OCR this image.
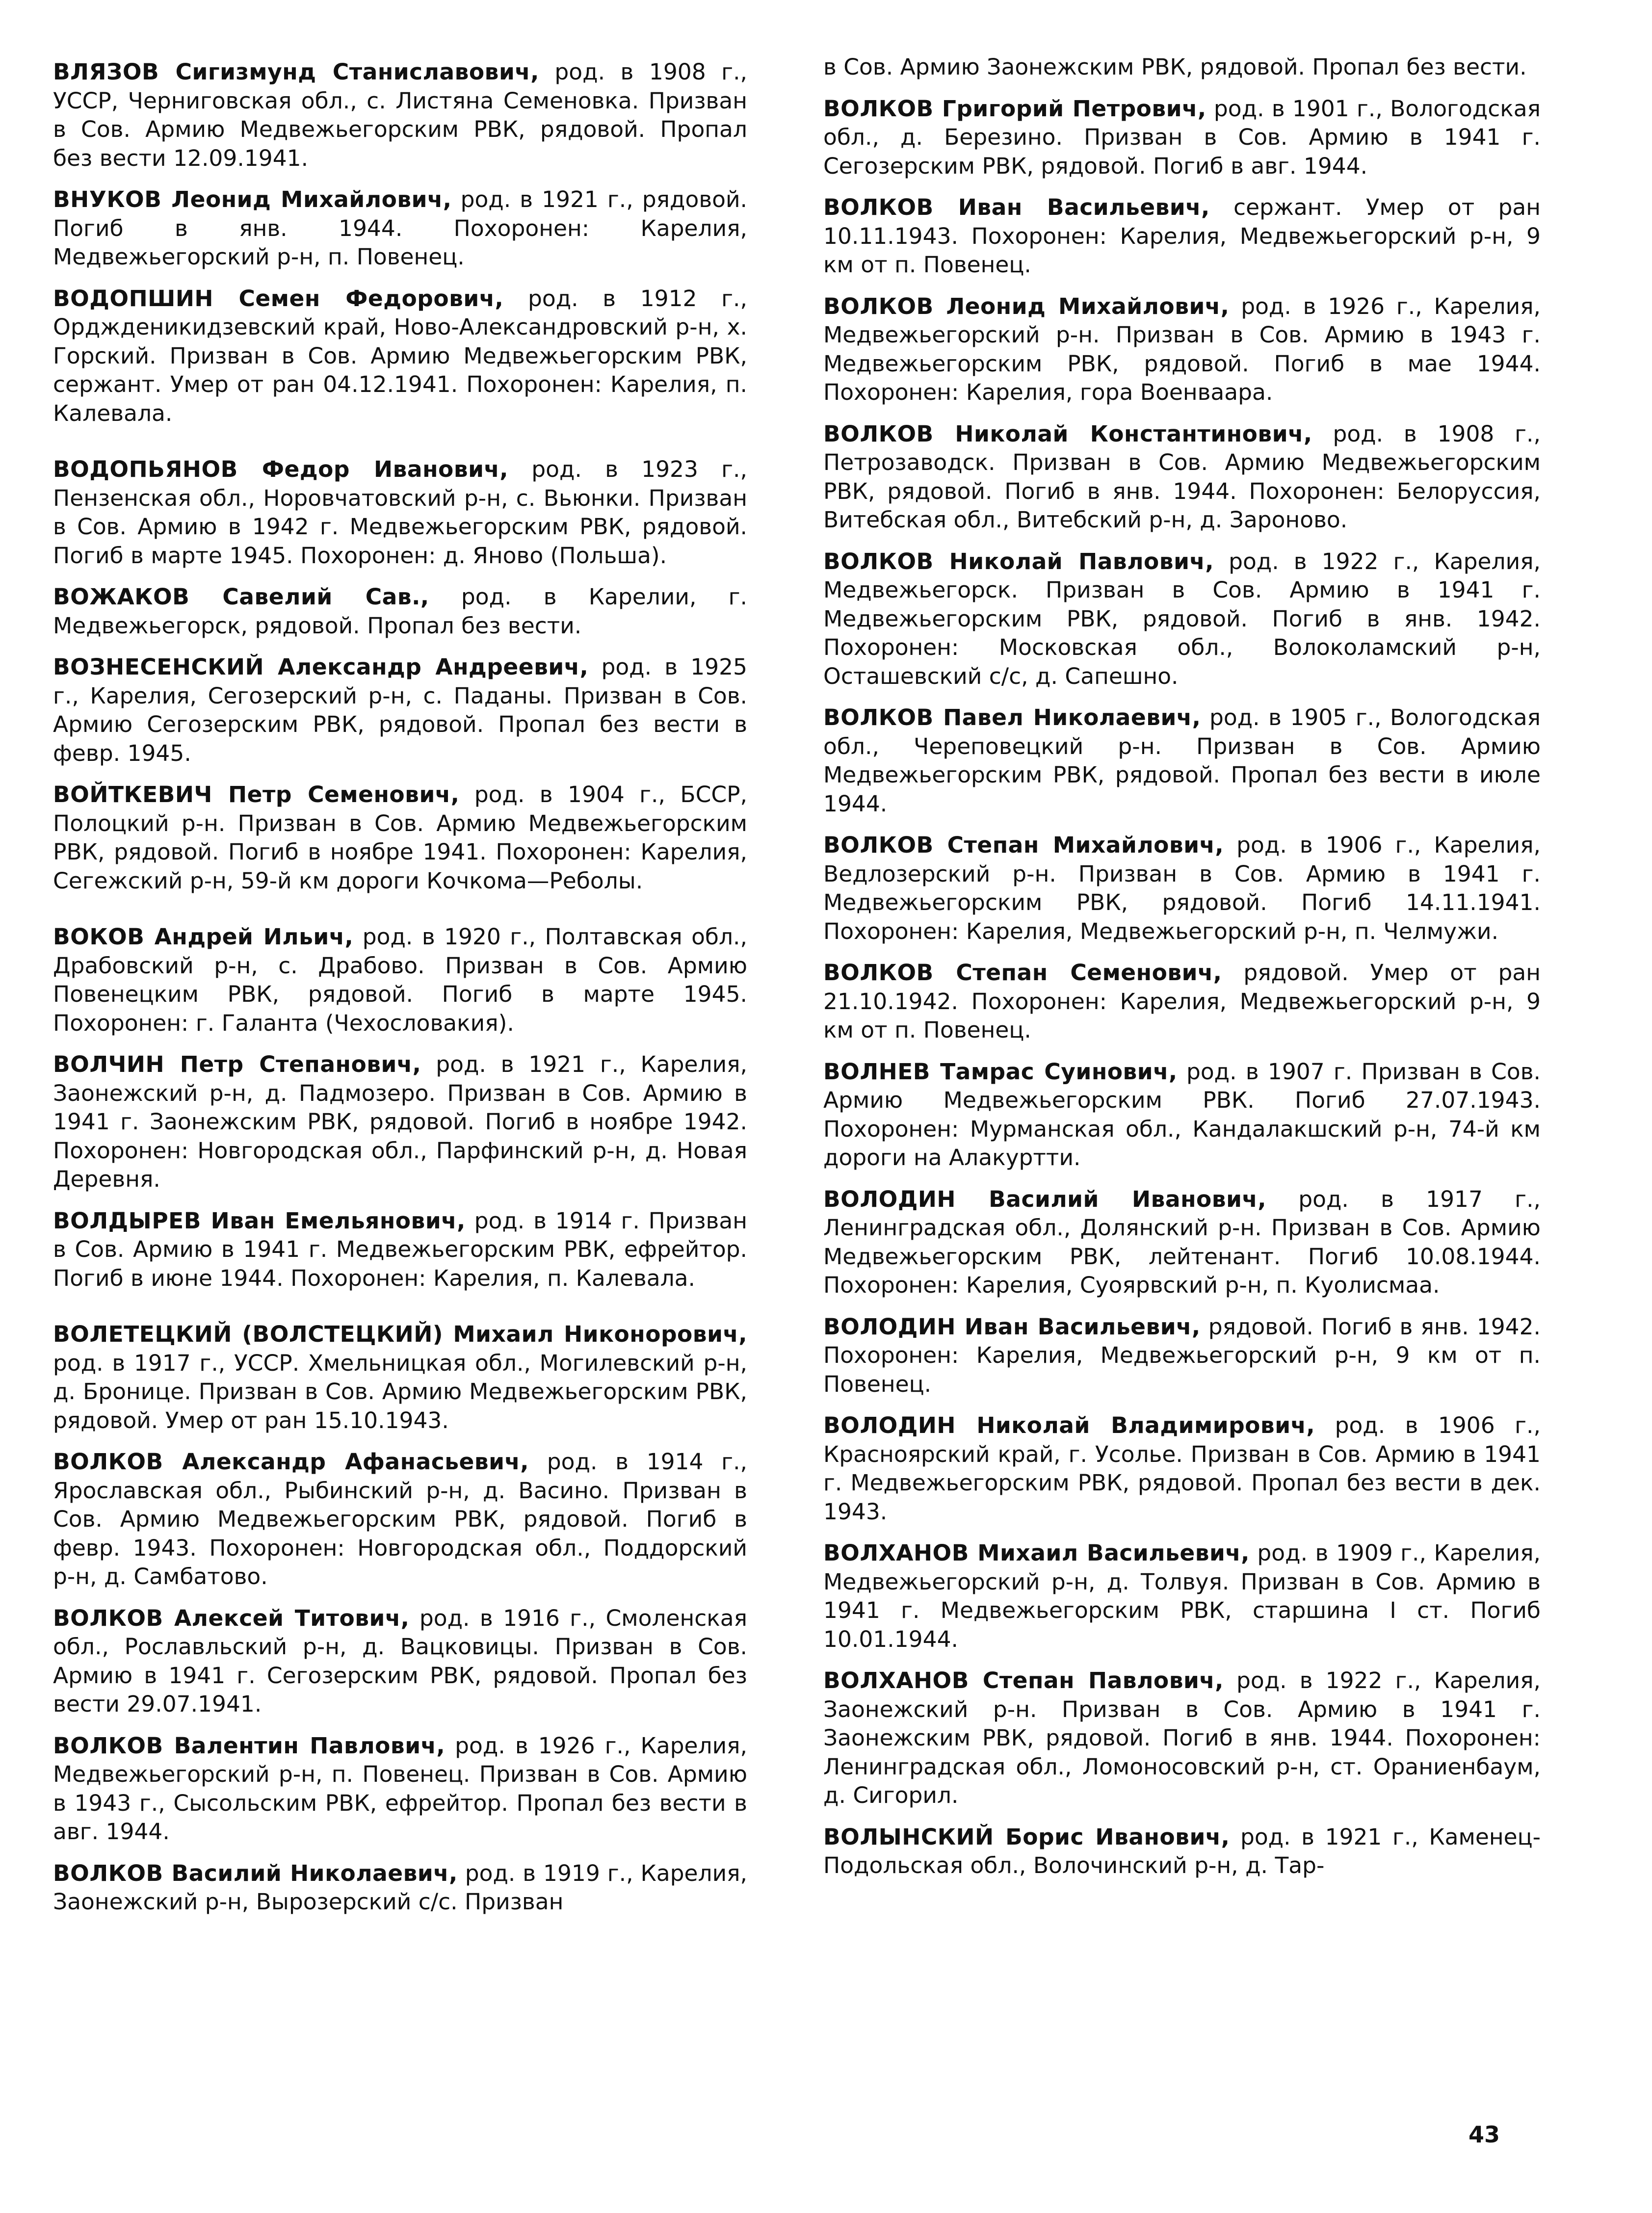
ВЛЯЗОВ Сигизмунд Станиславович, род. в 1908 г., УССР, Черниговская обл., с. Листяна Семеновка. Призван в Сов. Армию Медвежьегорским РВК, рядовой. Пропал без вести 12.09.1941.

ВНУКОВ Леонид Михайлович, род. в 1921 г., рядовой. Погиб в янв. 1944. Похоронен: Карелия, Медвежьегорский р-н, п. Повенец.

ВОДОПШИН Семен Федорович, род. в 1912 г., Орджденикидзевский край, Ново-Александровский р-н, х. Горский. Призван в Сов. Армию Медвежьегорским РВК, сержант. Умер от ран 04.12.1941. Похоронен: Карелия, п. Калевала.

ВОДОПЬЯНОВ Федор Иванович, род. в 1923 г., Пензенская обл., Норовчатовский р-н, с. Вьюнки. Призван в Сов. Армию в 1942 г. Медвежьегорским РВК, рядовой. Погиб в марте 1945. Похоронен: д. Яново (Польша).

ВОЖАКОВ Савелий Сав., род. в Карелии, г. Медвежьегорск, рядовой. Пропал без вести.

ВОЗНЕСЕНСКИЙ Александр Андреевич, род. в 1925 г., Карелия, Сегозерский р-н, с. Паданы. Призван в Сов. Армию Сегозерским РВК, рядовой. Пропал без вести в февр. 1945.

ВОЙТКЕВИЧ Петр Семенович, род. в 1904 г., БССР, Полоцкий р-н. Призван в Сов. Армию Медвежьегорским РВК, рядовой. Погиб в ноябре 1941. Похоронен: Карелия, Сегежский р-н, 59-й км дороги Кочкома—Реболы.

ВОКОВ Андрей Ильич, род. в 1920 г., Полтавская обл., Драбовский р-н, с. Драбово. Призван в Сов. Армию Повенецким РВК, рядовой. Погиб в марте 1945. Похоронен: г. Галанта (Чехословакия).

ВОЛЧИН Петр Степанович, род. в 1921 г., Карелия, Заонежский р-н, д. Падмозеро. Призван в Сов. Армию в 1941 г. Заонежским РВК, рядовой. Погиб в ноябре 1942. Похоронен: Новгородская обл., Парфинский р-н, д. Новая Деревня.

ВОЛДЫРЕВ Иван Емельянович, род. в 1914 г. Призван в Сов. Армию в 1941 г. Медвежьегорским РВК, ефрейтор. Погиб в июне 1944. Похоронен: Карелия, п. Калевала.

ВОЛЕТЕЦКИЙ (ВОЛСТЕЦКИЙ) Михаил Никонорович, род. в 1917 г., УССР. Хмельницкая обл., Могилевский р-н, д. Бронице. Призван в Сов. Армию Медвежьегорским РВК, рядовой. Умер от ран 15.10.1943.

ВОЛКОВ Александр Афанасьевич, род. в 1914 г., Ярославская обл., Рыбинский р-н, д. Васино. Призван в Сов. Армию Медвежьегорским РВК, рядовой. Погиб в февр. 1943. Похоронен: Новгородская обл., Поддорский р-н, д. Самбатово.

ВОЛКОВ Алексей Титович, род. в 1916 г., Смоленская обл., Рославльский р-н, д. Вацковицы. Призван в Сов. Армию в 1941 г. Сегозерским РВК, рядовой. Пропал без вести 29.07.1941.

ВОЛКОВ Валентин Павлович, род. в 1926 г., Карелия, Медвежьегорский р-н, п. Повенец. Призван в Сов. Армию в 1943 г., Сысольским РВК, ефрейтор. Пропал без вести в авг. 1944.

ВОЛКОВ Василий Николаевич, род. в 1919 г., Карелия, Заонежский р-н, Вырозерский с/с. Призван

в Сов. Армию Заонежским РВК, рядовой. Пропал без вести.

ВОЛКОВ Григорий Петрович, род. в 1901 г., Вологодская обл., д. Березино. Призван в Сов. Армию в 1941 г. Сегозерским РВК, рядовой. Погиб в авг. 1944.

ВОЛКОВ Иван Васильевич, сержант. Умер от ран 10.11.1943. Похоронен: Карелия, Медвежьегорский р-н, 9 км от п. Повенец.

ВОЛКОВ Леонид Михайлович, род. в 1926 г., Карелия, Медвежьегорский р-н. Призван в Сов. Армию в 1943 г. Медвежьегорским РВК, рядовой. Погиб в мае 1944. Похоронен: Карелия, гора Военваара.

ВОЛКОВ Николай Константинович, род. в 1908 г., Петрозаводск. Призван в Сов. Армию Медвежьегорским РВК, рядовой. Погиб в янв. 1944. Похоронен: Белоруссия, Витебская обл., Витебский р-н, д. Зароново.

ВОЛКОВ Николай Павлович, род. в 1922 г., Карелия, Медвежьегорск. Призван в Сов. Армию в 1941 г. Медвежьегорским РВК, рядовой. Погиб в янв. 1942. Похоронен: Московская обл., Волоколамский р-н, Осташевский с/с, д. Сапешно.

ВОЛКОВ Павел Николаевич, род. в 1905 г., Вологодская обл., Череповецкий р-н. Призван в Сов. Армию Медвежьегорским РВК, рядовой. Пропал без вести в июле 1944.

ВОЛКОВ Степан Михайлович, род. в 1906 г., Карелия, Ведлозерский р-н. Призван в Сов. Армию в 1941 г. Медвежьегорским РВК, рядовой. Погиб 14.11.1941. Похоронен: Карелия, Медвежьегорский р-н, п. Челмужи.

ВОЛКОВ Степан Семенович, рядовой. Умер от ран 21.10.1942. Похоронен: Карелия, Медвежьегорский р-н, 9 км от п. Повенец.

ВОЛНЕВ Тамрас Суинович, род. в 1907 г. Призван в Сов. Армию Медвежьегорским РВК. Погиб 27.07.1943. Похоронен: Мурманская обл., Кандалакшский р-н, 74-й км дороги на Алакуртти.

ВОЛОДИН Василий Иванович, род. в 1917 г., Ленинградская обл., Долянский р-н. Призван в Сов. Армию Медвежьегорским РВК, лейтенант. Погиб 10.08.1944. Похоронен: Карелия, Суоярвский р-н, п. Куолисмаа.

ВОЛОДИН Иван Васильевич, рядовой. Погиб в янв. 1942. Похоронен: Карелия, Медвежьегорский р-н, 9 км от п. Повенец.

ВОЛОДИН Николай Владимирович, род. в 1906 г., Красноярский край, г. Усолье. Призван в Сов. Армию в 1941 г. Медвежьегорским РВК, рядовой. Пропал без вести в дек. 1943.

ВОЛХАНОВ Михаил Васильевич, род. в 1909 г., Карелия, Медвежьегорский р-н, д. Толвуя. Призван в Сов. Армию в 1941 г. Медвежьегорским РВК, старшина I ст. Погиб 10.01.1944.

ВОЛХАНОВ Степан Павлович, род. в 1922 г., Карелия, Заонежский р-н. Призван в Сов. Армию в 1941 г. Заонежским РВК, рядовой. Погиб в янв. 1944. Похоронен: Ленинградская обл., Ломоносовский р-н, ст. Ораниенбаум, д. Сигорил.

ВОЛЫНСКИЙ Борис Иванович, род. в 1921 г., Каменец-Подольская обл., Волочинский р-н, д. Тар-

43
